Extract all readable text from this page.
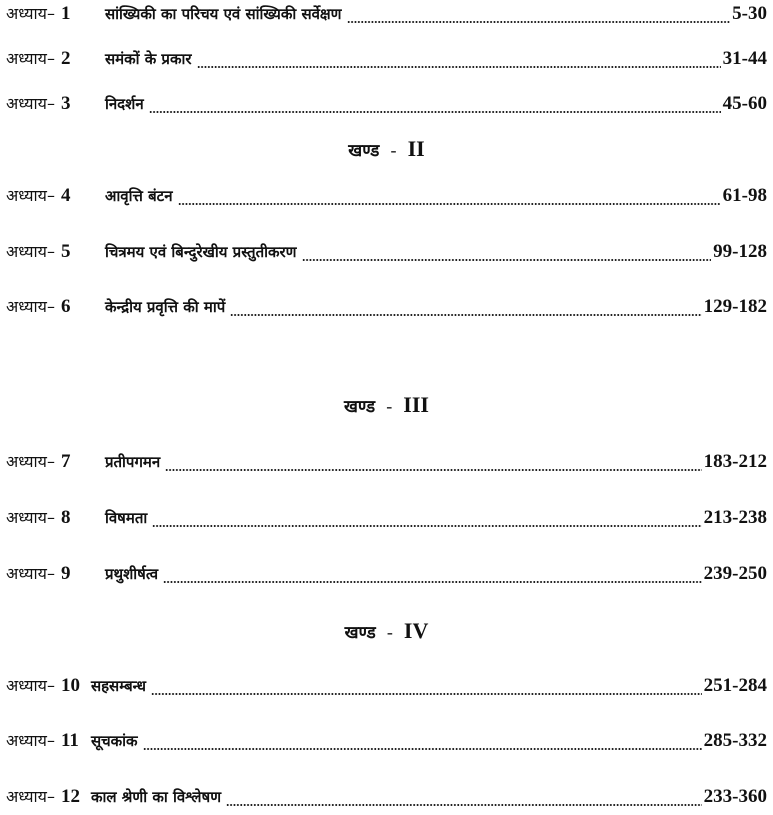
अध्याय– 1	सांख्यिकी का परिचय एवं सांख्यिकी सर्वेक्षण	5-30
अध्याय– 2	समंकों के प्रकार	31-44
अध्याय– 3	निदर्शन	45-60
खण्ड - II
अध्याय– 4	आवृत्ति बंटन	61-98
अध्याय– 5	चित्रमय एवं बिन्दुरेखीय प्रस्तुतीकरण	99-128
अध्याय– 6	केन्द्रीय प्रवृत्ति की मापें	129-182
खण्ड - III
अध्याय– 7	प्रतीपगमन	183-212
अध्याय– 8	विषमता	213-238
अध्याय– 9	प्रथुशीर्षत्व	239-250
खण्ड - IV
अध्याय– 10 सहसम्बन्ध	251-284
अध्याय– 11 सूचकांक	285-332
अध्याय– 12 काल श्रेणी का विश्लेषण	233-360
